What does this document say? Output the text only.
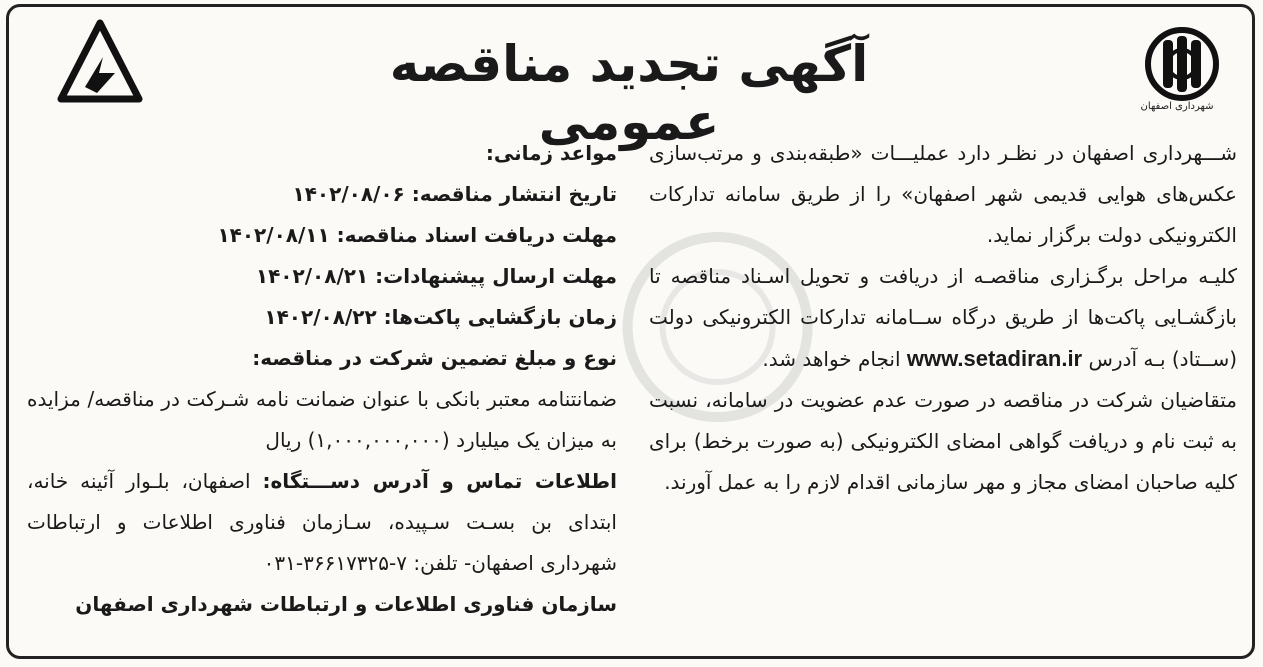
آگهی تجدید مناقصه عمومی	شهرداری اصفهان

شـــهرداری اصفهان در نظـر دارد عملیـــات «طبقه‌بندی و مرتب‌سازی عکس‌های هوایی قدیمی شهر اصفهان» را از طریق سامانه تدارکات الکترونیکی دولت برگزار نماید.

کلیـه مراحل برگـزاری مناقصـه از دریافت و تحویل اسـناد مناقصه تا بازگشـایی پاکت‌ها از طریق درگاه ســامانه تدارکات الکترونیکی دولت (ســتاد) بـه آدرس www.setadiran.ir انجام خواهد شد.

متقاضیان شرکت در مناقصه در صورت عدم عضویت در سامانه، نسبت به ثبت نام و دریافت گواهی امضای الکترونیکی (به صورت برخط) برای کلیه صاحبان امضای مجاز و مهر سازمانی اقدام لازم را به عمل آورند.

مواعد زمانی:
تاریخ انتشار مناقصه: ۱۴۰۲/۰۸/۰۶
مهلت دریافت اسناد مناقصه: ۱۴۰۲/۰۸/۱۱
مهلت ارسال پیشنهادات: ۱۴۰۲/۰۸/۲۱
زمان بازگشایی پاکت‌ها: ۱۴۰۲/۰۸/۲۲
نوع و مبلغ تضمین شرکت در مناقصه:

ضمانتنامه معتبر بانکی با عنوان ضمانت نامه شـرکت در مناقصه/ مزایده به میزان یک میلیارد (۱,۰۰۰,۰۰۰,۰۰۰) ریال

اطلاعات تماس و آدرس دســـتگاه: اصفهان، بلـوار آئینه خانه، ابتدای بن بسـت سـپیده، سـازمان فناوری اطلاعات و ارتباطات شهرداری اصفهان- تلفن: ۷-۳۶۶۱۷۳۲۵-۰۳۱

سازمان فناوری اطلاعات و ارتباطات شهرداری اصفهان
